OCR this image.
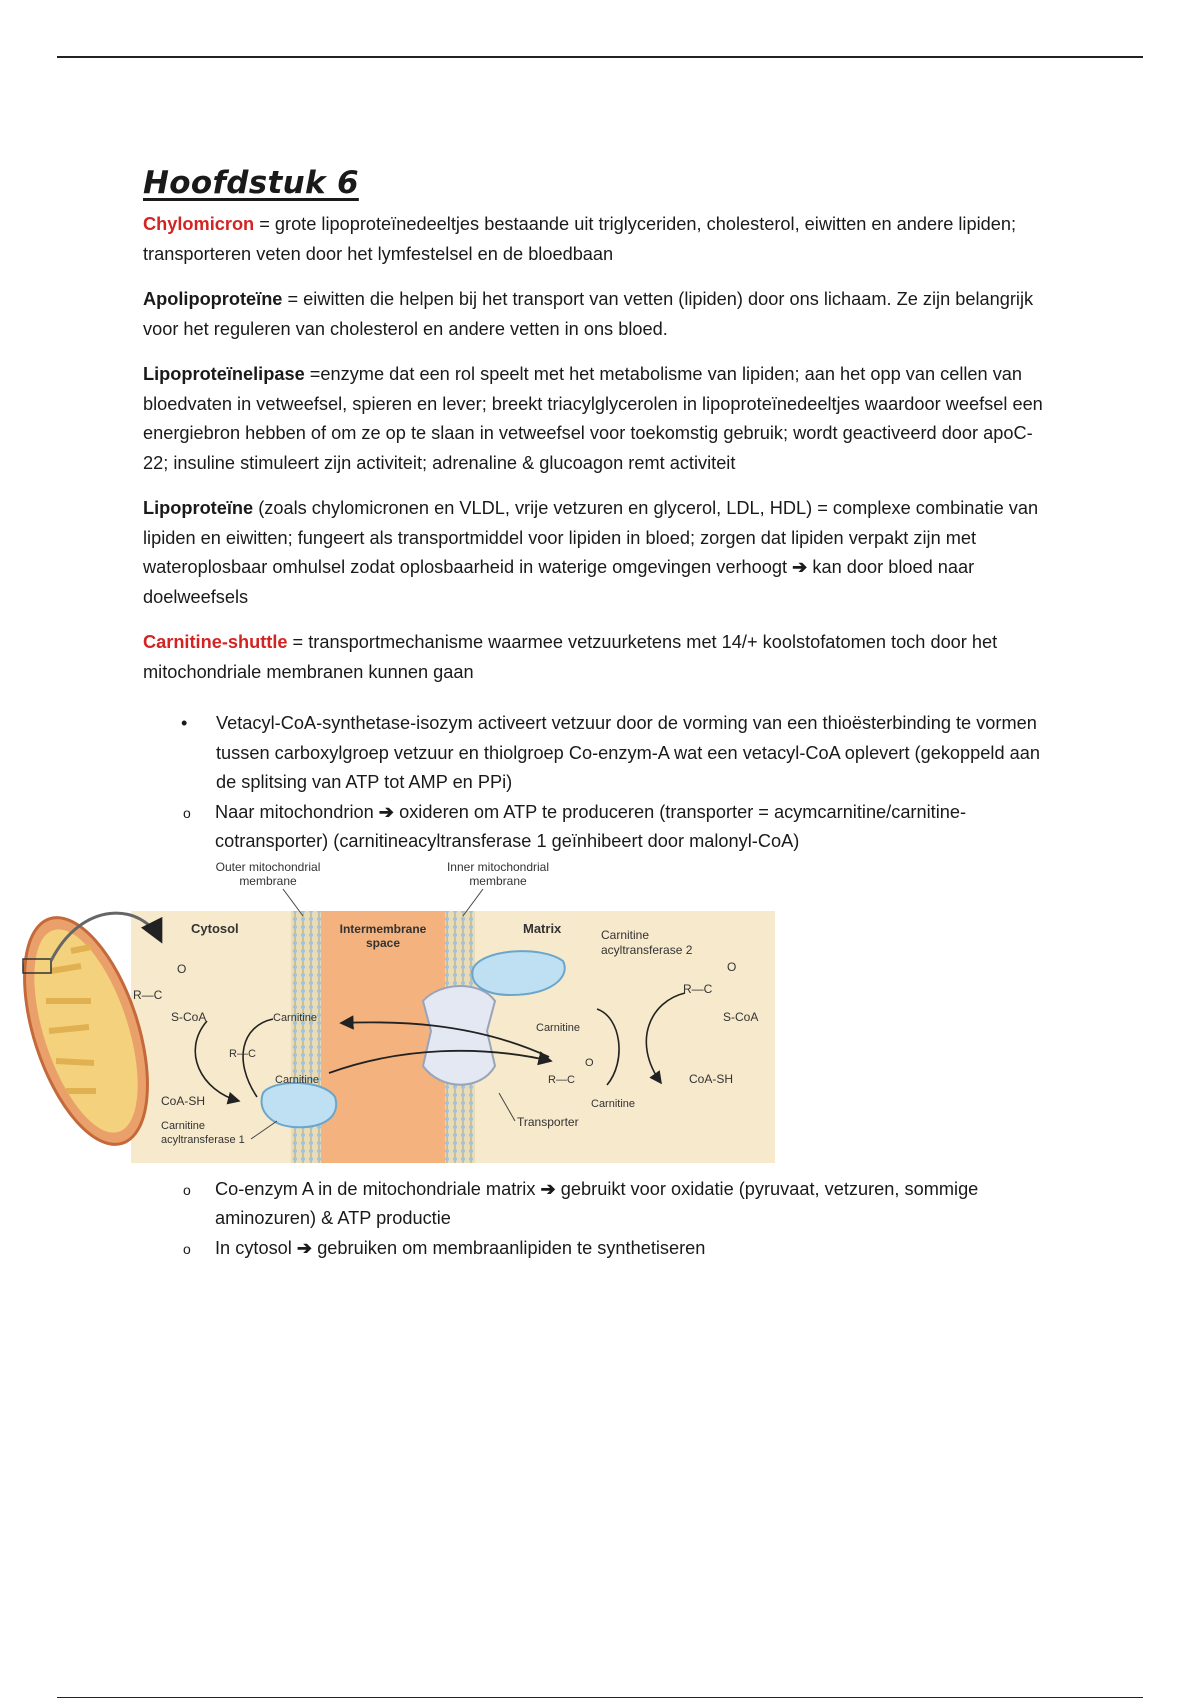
Hoofdstuk 6

Chylomicron = grote lipoproteïnedeeltjes bestaande uit triglyceriden, cholesterol, eiwitten en andere lipiden; transporteren veten door het lymfestelsel en de bloedbaan

Apolipoproteïne = eiwitten die helpen bij het transport van vetten (lipiden) door ons lichaam. Ze zijn belangrijk voor het reguleren van cholesterol en andere vetten in ons bloed.

Lipoproteïnelipase =enzyme dat een rol speelt met het metabolisme van lipiden; aan het opp van cellen van bloedvaten in vetweefsel, spieren en lever; breekt triacylglycerolen in lipoproteïnedeeltjes waardoor weefsel een energiebron hebben of om ze op te slaan in vetweefsel voor toekomstig gebruik; wordt geactiveerd door apoC-22; insuline stimuleert zijn activiteit; adrenaline & glucoagon remt activiteit

Lipoproteïne (zoals chylomicronen en VLDL, vrije vetzuren en glycerol, LDL, HDL) = complexe combinatie van lipiden en eiwitten; fungeert als transportmiddel voor lipiden in bloed; zorgen dat lipiden verpakt zijn met wateroplosbaar omhulsel zodat oplosbaarheid in waterige omgevingen verhoogt ➔ kan door bloed naar doelweefsels

Carnitine-shuttle = transportmechanisme waarmee vetzuurketens met 14/+ koolstofatomen toch door het mitochondriale membranen kunnen gaan

• Vetacyl-CoA-synthetase-isozym activeert vetzuur door de vorming van een thioësterbinding te vormen tussen carboxylgroep vetzuur en thiolgroep Co-enzym-A wat een vetacyl-CoA oplevert (gekoppeld aan de splitsing van ATP tot AMP en PPi)
o Naar mitochondrion ➔ oxideren om ATP te produceren (transporter = acymcarnitine/carnitine-cotransporter) (carnitineacyltransferase 1 geïnhibeert door malonyl-CoA)
Outer mitochondrial
membrane
Inner mitochondrial
membrane
Cytosol	Intermembrane
space
Matrix	Carnitine
acyltransferase 2
Transporter
Carnitine
acyltransferase 1
R—C
O
S-CoA
CoA-SH
Carnitine
Carnitine
R—C
Carnitine
R—C
O
Carnitine
R—C
O
S-CoA
CoA-SH
o Co-enzym A in de mitochondriale matrix ➔ gebruikt voor oxidatie (pyruvaat, vetzuren, sommige aminozuren) & ATP productie
o In cytosol ➔ gebruiken om membraanlipiden te synthetiseren
